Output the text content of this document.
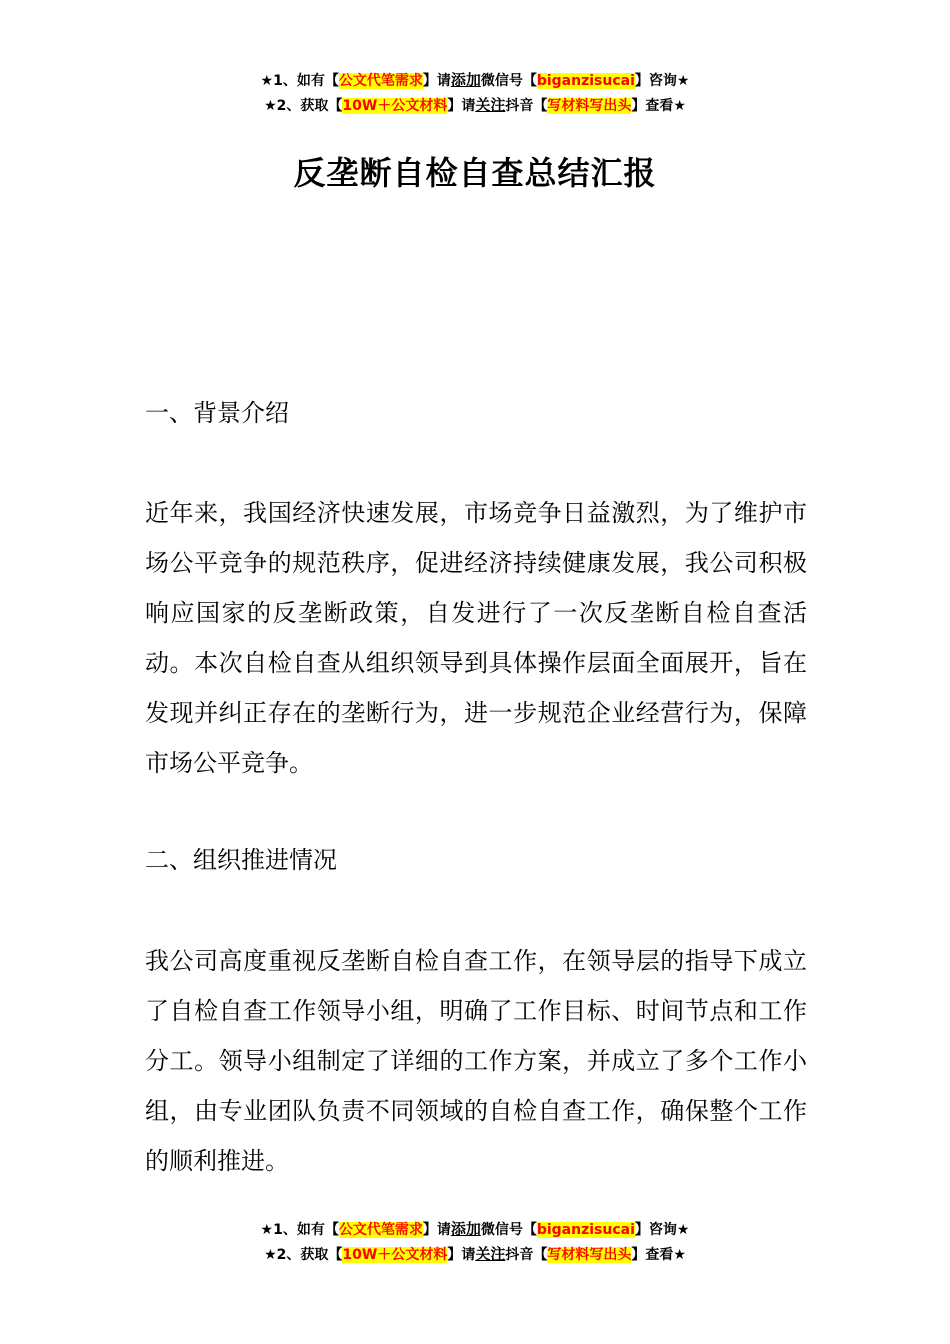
★1、如有【公文代笔需求】请添加微信号【biganzisucai】咨询★
★2、获取【10W＋公文材料】请关注抖音【写材料写出头】查看★
反垄断自检自查总结汇报
一、背景介绍
近年来，我国经济快速发展，市场竞争日益激烈，为了维护市场公平竞争的规范秩序，促进经济持续健康发展，我公司积极响应国家的反垄断政策，自发进行了一次反垄断自检自查活动。本次自检自查从组织领导到具体操作层面全面展开，旨在发现并纠正存在的垄断行为，进一步规范企业经营行为，保障市场公平竞争。
二、组织推进情况
我公司高度重视反垄断自检自查工作，在领导层的指导下成立了自检自查工作领导小组，明确了工作目标、时间节点和工作分工。领导小组制定了详细的工作方案，并成立了多个工作小组，由专业团队负责不同领域的自检自查工作，确保整个工作的顺利推进。
★1、如有【公文代笔需求】请添加微信号【biganzisucai】咨询★
★2、获取【10W＋公文材料】请关注抖音【写材料写出头】查看★
